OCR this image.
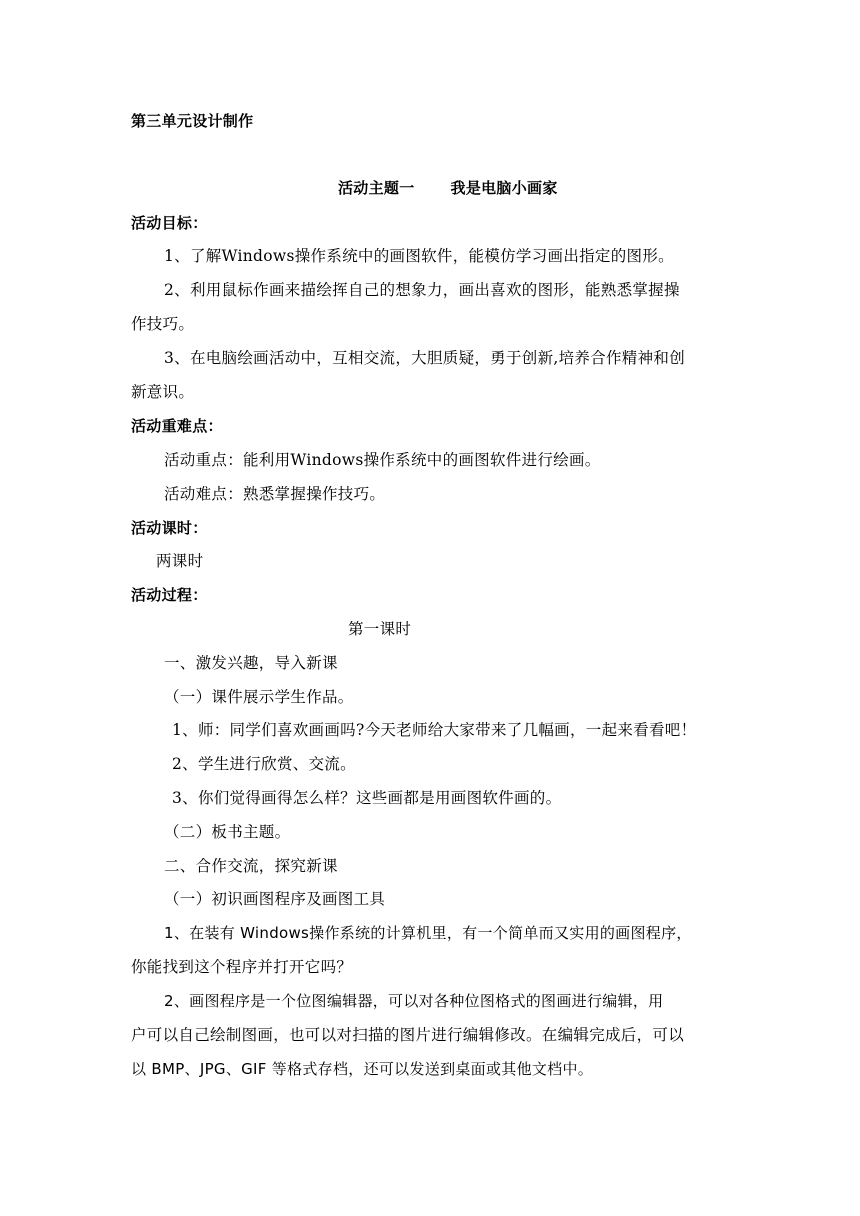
第三单元设计制作
活动主题一 我是电脑小画家
活动目标：
1、了解Windows操作系统中的画图软件，能模仿学习画出指定的图形。
2、利用鼠标作画来描绘挥自己的想象力，画出喜欢的图形，能熟悉掌握操
作技巧。
3、在电脑绘画活动中，互相交流，大胆质疑，勇于创新,培养合作精神和创
新意识。
活动重难点：
活动重点：能利用Windows操作系统中的画图软件进行绘画。
活动难点：熟悉掌握操作技巧。
活动课时：
两课时
活动过程：
第一课时
一、激发兴趣，导入新课
（一）课件展示学生作品。
1、师：同学们喜欢画画吗?今天老师给大家带来了几幅画，一起来看看吧！
2、学生进行欣赏、交流。
3、你们觉得画得怎么样？这些画都是用画图软件画的。
（二）板书主题。
二、合作交流，探究新课
（一）初识画图程序及画图工具
1、在装有 Windows操作系统的计算机里，有一个简单而又实用的画图程序，
你能找到这个程序并打开它吗？
2、画图程序是一个位图编辑器，可以对各种位图格式的图画进行编辑，用
户可以自己绘制图画，也可以对扫描的图片进行编辑修改。在编辑完成后，可以
以 BMP、JPG、GIF 等格式存档，还可以发送到桌面或其他文档中。
